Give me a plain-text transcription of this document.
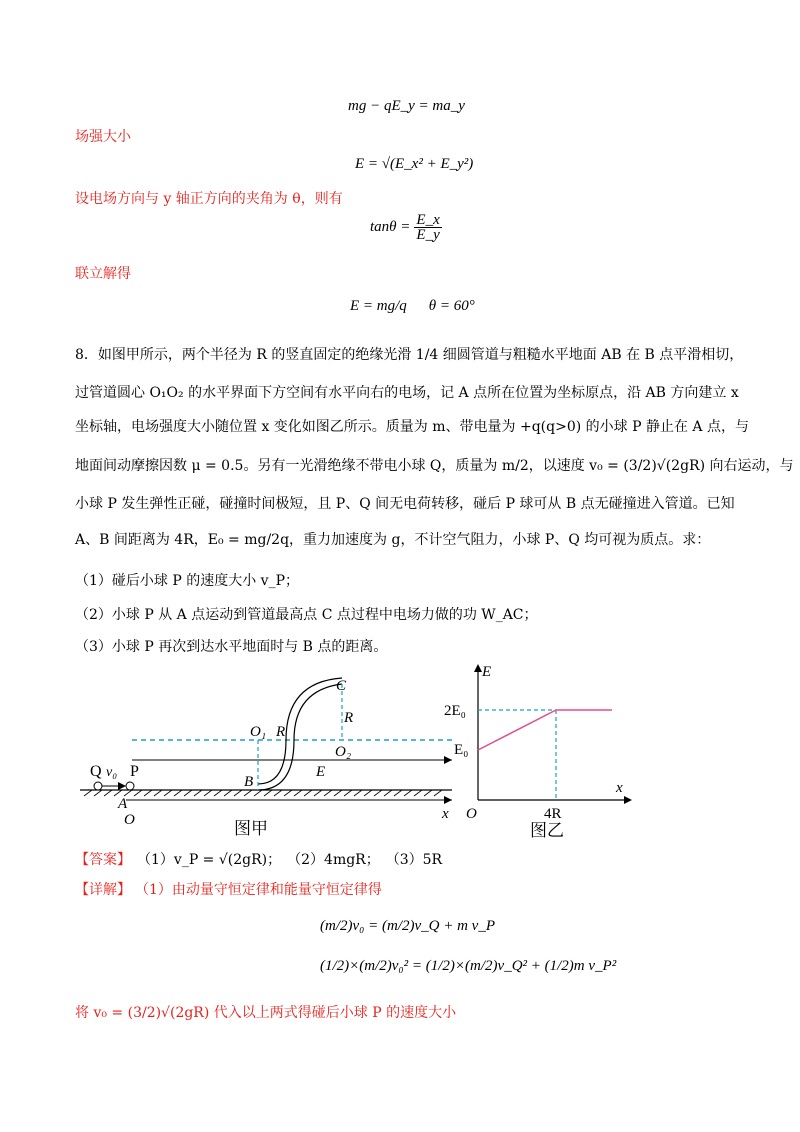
mg − qE_y = ma_y
场强大小
E = √(E_x² + E_y²)
设电场方向与 y 轴正方向的夹角为 θ，则有
$\tan\theta = \frac{E\_x}{E\_y}$
联立解得
E = mg/q θ = 60°
8．如图甲所示，两个半径为 R 的竖直固定的绝缘光滑 1/4 细圆管道与粗糙水平地面 AB 在 B 点平滑相切，
过管道圆心 O₁O₂ 的水平界面下方空间有水平向右的电场，记 A 点所在位置为坐标原点，沿 AB 方向建立 x
坐标轴，电场强度大小随位置 x 变化如图乙所示。质量为 m、带电量为 +q(q>0) 的小球 P 静止在 A 点，与
地面间动摩擦因数 μ = 0.5。另有一光滑绝缘不带电小球 Q，质量为 m/2，以速度 v₀ = (3/2)√(2gR) 向右运动，与
小球 P 发生弹性正碰，碰撞时间极短，且 P、Q 间无电荷转移，碰后 P 球可从 B 点无碰撞进入管道。已知
A、B 间距离为 4R，E₀ = mg/2q，重力加速度为 g，不计空气阻力，小球 P、Q 均可视为质点。求：
（1）碰后小球 P 的速度大小 v_P；
（2）小球 P 从 A 点运动到管道最高点 C 点过程中电场力做的功 W_AC；
（3）小球 P 再次到达水平地面时与 B 点的距离。
Q v₀ P
A
O
B
O₁ R
O₂
C
R
E
x
图甲
E
x
O
2E₀
E₀
4R
图乙
【答案】 （1）v_P = √(2gR)； （2）4mgR； （3）5R
【详解】 （1）由动量守恒定律和能量守恒定律得
(m/2)v₀ = (m/2)v_Q + m v_P
(1/2)×(m/2)v₀² = (1/2)×(m/2)v_Q² + (1/2)m v_P²
将 v₀ = (3/2)√(2gR) 代入以上两式得碰后小球 P 的速度大小
